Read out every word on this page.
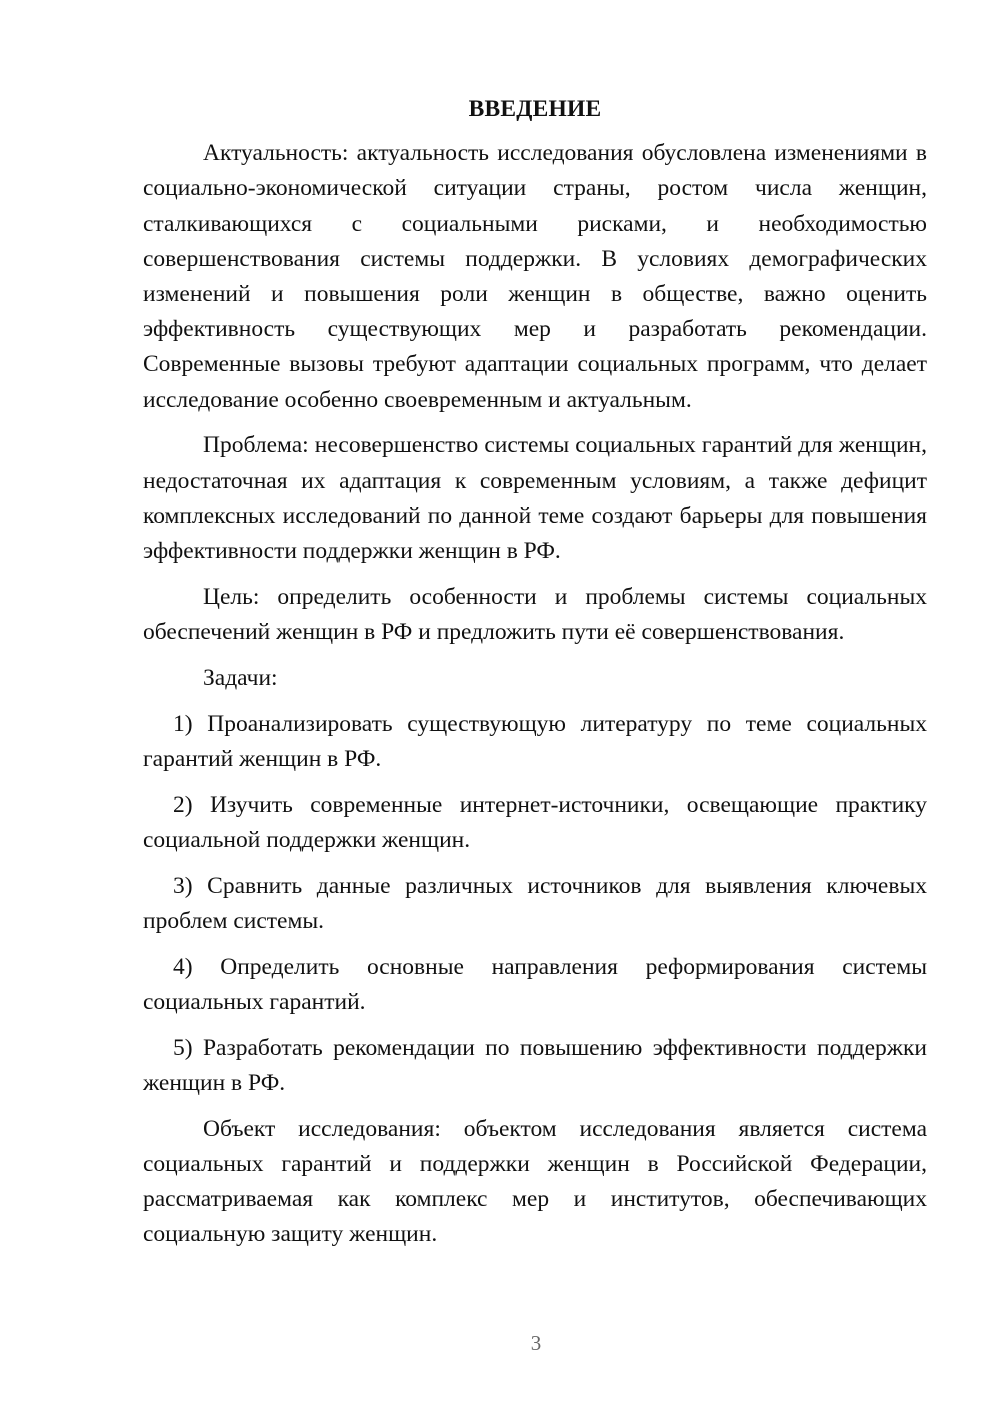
ВВЕДЕНИЕ

Актуальность: актуальность исследования обусловлена изменениями в социально-экономической ситуации страны, ростом числа женщин, сталкивающихся с социальными рисками, и необходимостью совершенствования системы поддержки. В условиях демографических изменений и повышения роли женщин в обществе, важно оценить эффективность существующих мер и разработать рекомендации. Современные вызовы требуют адаптации социальных программ, что делает исследование особенно своевременным и актуальным.

Проблема: несовершенство системы социальных гарантий для женщин, недостаточная их адаптация к современным условиям, а также дефицит комплексных исследований по данной теме создают барьеры для повышения эффективности поддержки женщин в РФ.

Цель: определить особенности и проблемы системы социальных обеспечений женщин в РФ и предложить пути её совершенствования.

Задачи:

1) Проанализировать существующую литературу по теме социальных гарантий женщин в РФ.

2) Изучить современные интернет-источники, освещающие практику социальной поддержки женщин.

3) Сравнить данные различных источников для выявления ключевых проблем системы.

4) Определить основные направления реформирования системы социальных гарантий.

5) Разработать рекомендации по повышению эффективности поддержки женщин в РФ.

Объект исследования: объектом исследования является система социальных гарантий и поддержки женщин в Российской Федерации, рассматриваемая как комплекс мер и институтов, обеспечивающих социальную защиту женщин.

3
